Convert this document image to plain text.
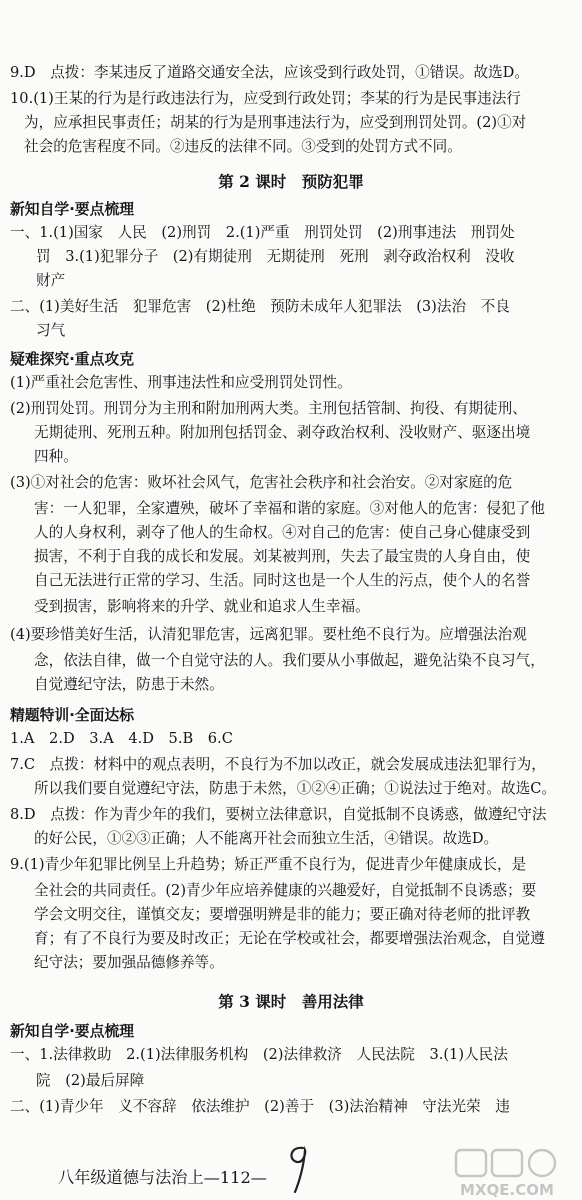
9.D　点拨：李某违反了道路交通安全法，应该受到行政处罚，①错误。故选D。
10.(1)王某的行为是行政违法行为，应受到行政处罚；李某的行为是民事违法行
为，应承担民事责任；胡某的行为是刑事违法行为，应受到刑罚处罚。(2)①对
社会的危害程度不同。②违反的法律不同。③受到的处罚方式不同。
第 2 课时　预防犯罪
新知自学·要点梳理
一、1.(1)国家　人民　(2)刑罚　2.(1)严重　刑罚处罚　(2)刑事违法　刑罚处
罚　3.(1)犯罪分子　(2)有期徒刑　无期徒刑　死刑　剥夺政治权利　没收
财产
二、(1)美好生活　犯罪危害　(2)杜绝　预防未成年人犯罪法　(3)法治　不良
习气
疑难探究·重点攻克
(1)严重社会危害性、刑事违法性和应受刑罚处罚性。
(2)刑罚处罚。刑罚分为主刑和附加刑两大类。主刑包括管制、拘役、有期徒刑、
无期徒刑、死刑五种。附加刑包括罚金、剥夺政治权利、没收财产、驱逐出境
四种。
(3)①对社会的危害：败坏社会风气，危害社会秩序和社会治安。②对家庭的危
害：一人犯罪，全家遭殃，破坏了幸福和谐的家庭。③对他人的危害：侵犯了他
人的人身权利，剥夺了他人的生命权。④对自己的危害：使自己身心健康受到
损害，不利于自我的成长和发展。刘某被判刑，失去了最宝贵的人身自由，使
自己无法进行正常的学习、生活。同时这也是一个人生的污点，使个人的名誉
受到损害，影响将来的升学、就业和追求人生幸福。
(4)要珍惜美好生活，认清犯罪危害，远离犯罪。要杜绝不良行为。应增强法治观
念，依法自律，做一个自觉守法的人。我们要从小事做起，避免沾染不良习气，
自觉遵纪守法，防患于未然。
精题特训·全面达标
1.A　2.D　3.A　4.D　5.B　6.C
7.C　点拨：材料中的观点表明，不良行为不加以改正，就会发展成违法犯罪行为，
所以我们要自觉遵纪守法，防患于未然，①②④正确；①说法过于绝对。故选C。
8.D　点拨：作为青少年的我们，要树立法律意识，自觉抵制不良诱惑，做遵纪守法
的好公民，①②③正确；人不能离开社会而独立生活，④错误。故选D。
9.(1)青少年犯罪比例呈上升趋势；矫正严重不良行为，促进青少年健康成长，是
全社会的共同责任。(2)青少年应培养健康的兴趣爱好，自觉抵制不良诱惑；要
学会文明交往，谨慎交友；要增强明辨是非的能力；要正确对待老师的批评教
育；有了不良行为要及时改正；无论在学校或社会，都要增强法治观念，自觉遵
纪守法；要加强品德修养等。
第 3 课时　善用法律
新知自学·要点梳理
一、1.法律救助　2.(1)法律服务机构　(2)法律救济　人民法院　3.(1)人民法
院　(2)最后屏障
二、(1)青少年　义不容辞　依法维护　(2)善于　(3)法治精神　守法光荣　违
八年级道德与法治上—112—
MXQE.COM
